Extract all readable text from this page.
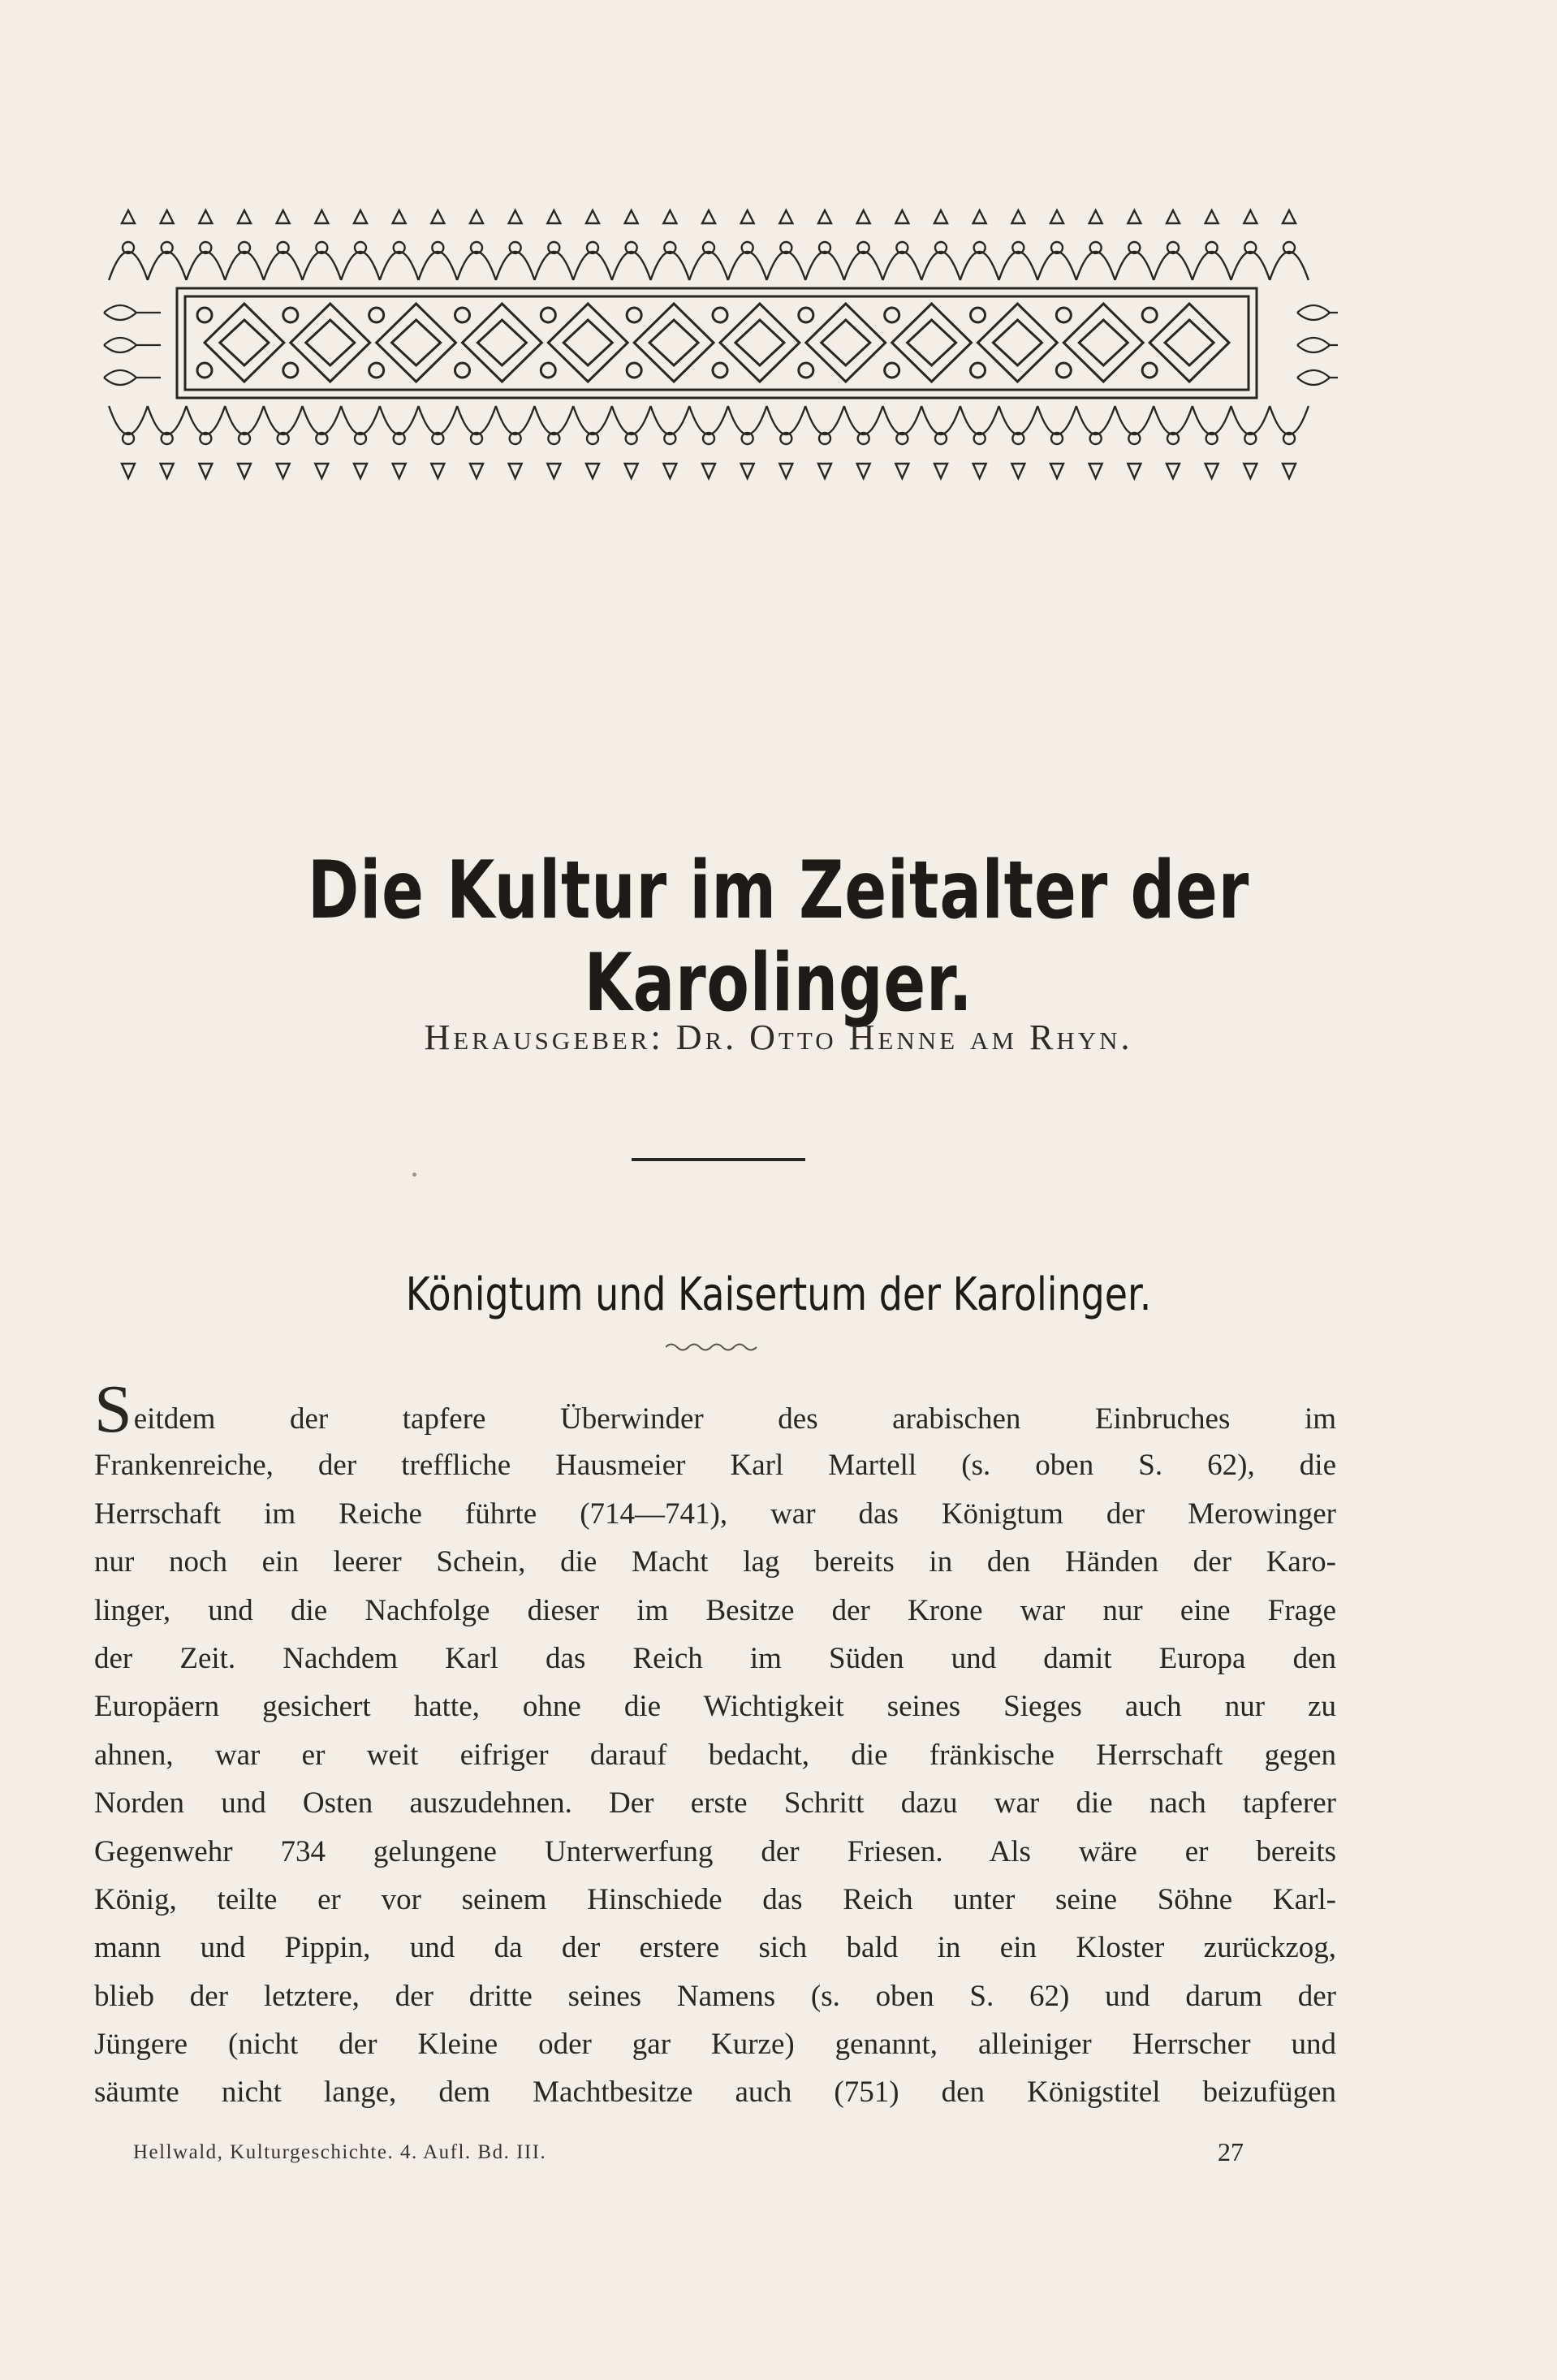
Die Kultur im Zeitalter der Karolinger.
Herausgeber: Dr. Otto Henne am Rhyn.
Königtum und Kaisertum der Karolinger.
Seitdem der tapfere Überwinder des arabischen Einbruches im
Frankenreiche, der treffliche Hausmeier Karl Martell (s. oben S. 62), die
Herrschaft im Reiche führte (714—741), war das Königtum der Merowinger
nur noch ein leerer Schein, die Macht lag bereits in den Händen der Karo-
linger, und die Nachfolge dieser im Besitze der Krone war nur eine Frage
der Zeit. Nachdem Karl das Reich im Süden und damit Europa den
Europäern gesichert hatte, ohne die Wichtigkeit seines Sieges auch nur zu
ahnen, war er weit eifriger darauf bedacht, die fränkische Herrschaft gegen
Norden und Osten auszudehnen. Der erste Schritt dazu war die nach tapferer
Gegenwehr 734 gelungene Unterwerfung der Friesen. Als wäre er bereits
König, teilte er vor seinem Hinschiede das Reich unter seine Söhne Karl-
mann und Pippin, und da der erstere sich bald in ein Kloster zurückzog,
blieb der letztere, der dritte seines Namens (s. oben S. 62) und darum der
Jüngere (nicht der Kleine oder gar Kurze) genannt, alleiniger Herrscher und
säumte nicht lange, dem Machtbesitze auch (751) den Königstitel beizufügen
Hellwald, Kulturgeschichte. 4. Aufl. Bd. III.	27
